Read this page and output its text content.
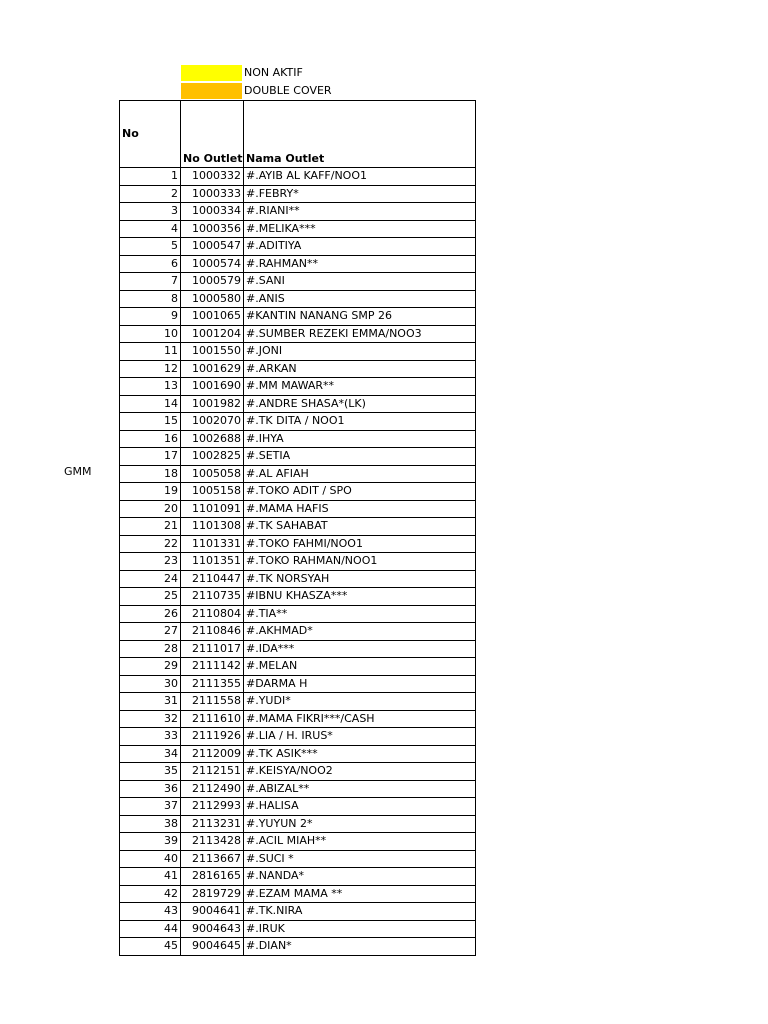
NON AKTIF
DOUBLE COVER
GMM
No	No Outlet	Nama Outlet

1	1000332	#.AYIB AL KAFF/NOO1
2	1000333	#.FEBRY*
3	1000334	#.RIANI**
4	1000356	#.MELIKA***
5	1000547	#.ADITIYA
6	1000574	#.RAHMAN**
7	1000579	#.SANI
8	1000580	#.ANIS
9	1001065	#KANTIN NANANG SMP 26
10	1001204	#.SUMBER REZEKI EMMA/NOO3
11	1001550	#.JONI
12	1001629	#.ARKAN
13	1001690	#.MM MAWAR**
14	1001982	#.ANDRE SHASA*(LK)
15	1002070	#.TK DITA / NOO1
16	1002688	#.IHYA
17	1002825	#.SETIA
18	1005058	#.AL AFIAH
19	1005158	#.TOKO ADIT / SPO
20	1101091	#.MAMA HAFIS
21	1101308	#.TK SAHABAT
22	1101331	#.TOKO FAHMI/NOO1
23	1101351	#.TOKO RAHMAN/NOO1
24	2110447	#.TK NORSYAH
25	2110735	#IBNU KHASZA***
26	2110804	#.TIA**
27	2110846	#.AKHMAD*
28	2111017	#.IDA***
29	2111142	#.MELAN
30	2111355	#DARMA H
31	2111558	#.YUDI*
32	2111610	#.MAMA FIKRI***/CASH
33	2111926	#.LIA / H. IRUS*
34	2112009	#.TK ASIK***
35	2112151	#.KEISYA/NOO2
36	2112490	#.ABIZAL**
37	2112993	#.HALISA
38	2113231	#.YUYUN 2*
39	2113428	#.ACIL MIAH**
40	2113667	#.SUCI *
41	2816165	#.NANDA*
42	2819729	#.EZAM MAMA **
43	9004641	#.TK.NIRA
44	9004643	#.IRUK
45	9004645	#.DIAN*
